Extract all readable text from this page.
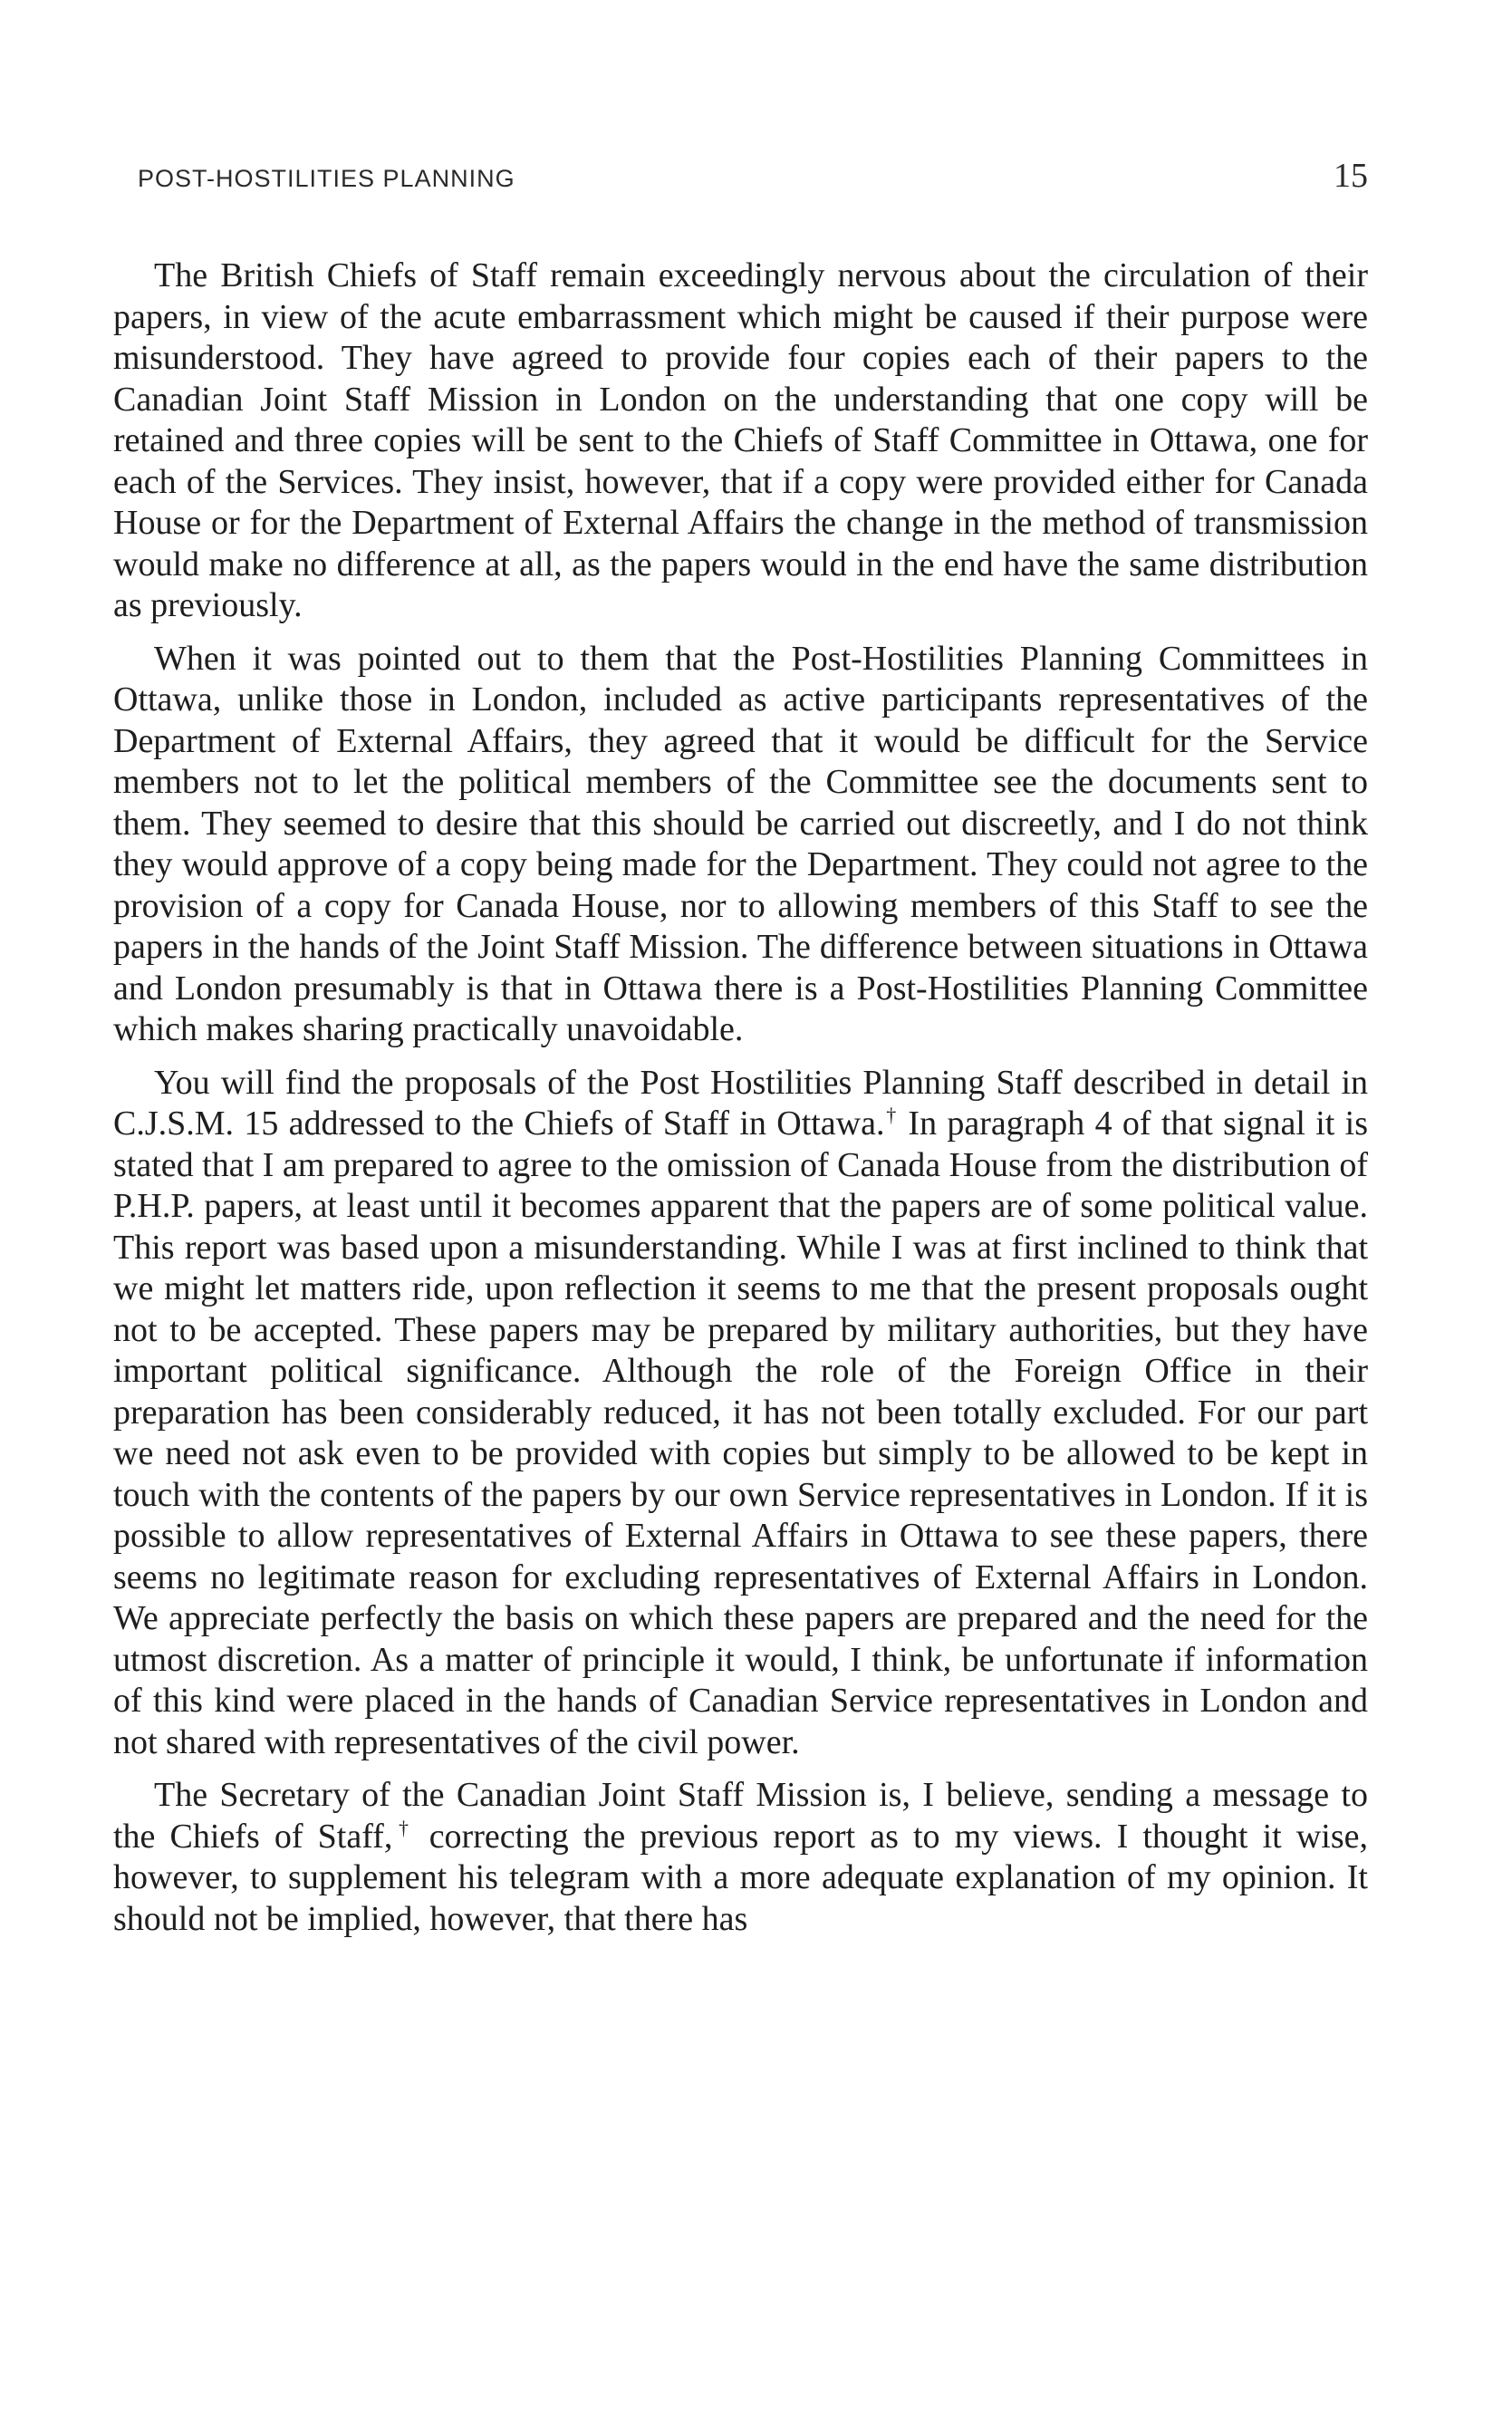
POST-HOSTILITIES PLANNING	15

The British Chiefs of Staff remain exceedingly nervous about the circulation of their papers, in view of the acute embarrassment which might be caused if their purpose were misunderstood. They have agreed to provide four copies each of their papers to the Canadian Joint Staff Mission in London on the understanding that one copy will be retained and three copies will be sent to the Chiefs of Staff Committee in Ottawa, one for each of the Services. They insist, however, that if a copy were provided either for Canada House or for the Department of External Affairs the change in the method of transmission would make no difference at all, as the papers would in the end have the same distribution as previously.

When it was pointed out to them that the Post-Hostilities Planning Committees in Ottawa, unlike those in London, included as active participants representatives of the Department of External Affairs, they agreed that it would be difficult for the Service members not to let the political members of the Committee see the documents sent to them. They seemed to desire that this should be carried out discreetly, and I do not think they would approve of a copy being made for the Department. They could not agree to the provision of a copy for Canada House, nor to allowing members of this Staff to see the papers in the hands of the Joint Staff Mission. The difference between situations in Ottawa and London presumably is that in Ottawa there is a Post-Hostilities Planning Committee which makes sharing practically unavoidable.

You will find the proposals of the Post Hostilities Planning Staff described in detail in C.J.S.M. 15 addressed to the Chiefs of Staff in Ottawa.† In paragraph 4 of that signal it is stated that I am prepared to agree to the omission of Canada House from the distribution of P.H.P. papers, at least until it becomes apparent that the papers are of some political value. This report was based upon a misunderstanding. While I was at first inclined to think that we might let matters ride, upon reflection it seems to me that the present proposals ought not to be accepted. These papers may be prepared by military authorities, but they have important political significance. Although the role of the Foreign Office in their preparation has been considerably reduced, it has not been totally excluded. For our part we need not ask even to be provided with copies but simply to be allowed to be kept in touch with the contents of the papers by our own Service representatives in London. If it is possible to allow representatives of External Affairs in Ottawa to see these papers, there seems no legitimate reason for excluding representatives of External Affairs in London. We appreciate perfectly the basis on which these papers are prepared and the need for the utmost discretion. As a matter of principle it would, I think, be unfortunate if information of this kind were placed in the hands of Canadian Service representatives in London and not shared with representatives of the civil power.

The Secretary of the Canadian Joint Staff Mission is, I believe, sending a message to the Chiefs of Staff,† correcting the previous report as to my views. I thought it wise, however, to supplement his telegram with a more adequate explanation of my opinion. It should not be implied, however, that there has
